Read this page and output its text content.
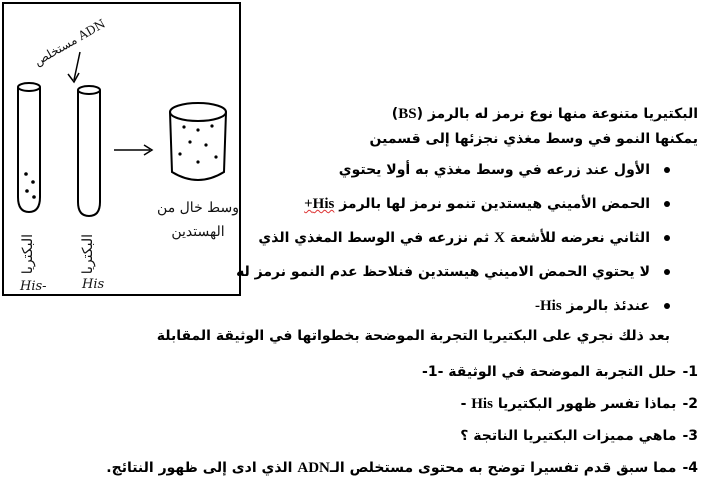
مستخلص ADN
وسط خال من
الهستدين
البكتريا	البكتريا
His-	His
البكتيريا متنوعة منها نوع نرمز له بالرمز (BS)
يمكنها النمو في وسط مغذي نجزئها إلى قسمين
الأول عند زرعه في وسط مغذي به أولا يحتوي
الحمض الأميني هيستدين تنمو نرمز لها بالرمز His+
الثاني نعرضه للأشعة X ثم نزرعه في الوسط المغذي الذي
لا يحتوي الحمض الاميني هيستدين فنلاحظ عدم النمو نرمز له
عندئذ بالرمز His-
بعد ذلك نجري على البكتيريا التجربة الموضحة بخطواتها في الوثيقة المقابلة
1-حلل التجربة الموضحة في الوثيقة -1-
2-بماذا تفسر ظهور البكتيريا His -
3-ماهي مميزات البكتيريا الناتجة ؟
4-مما سبق قدم تفسيرا توضح به محتوى مستخلص الـADN الذي ادى إلى ظهور النتائج.
